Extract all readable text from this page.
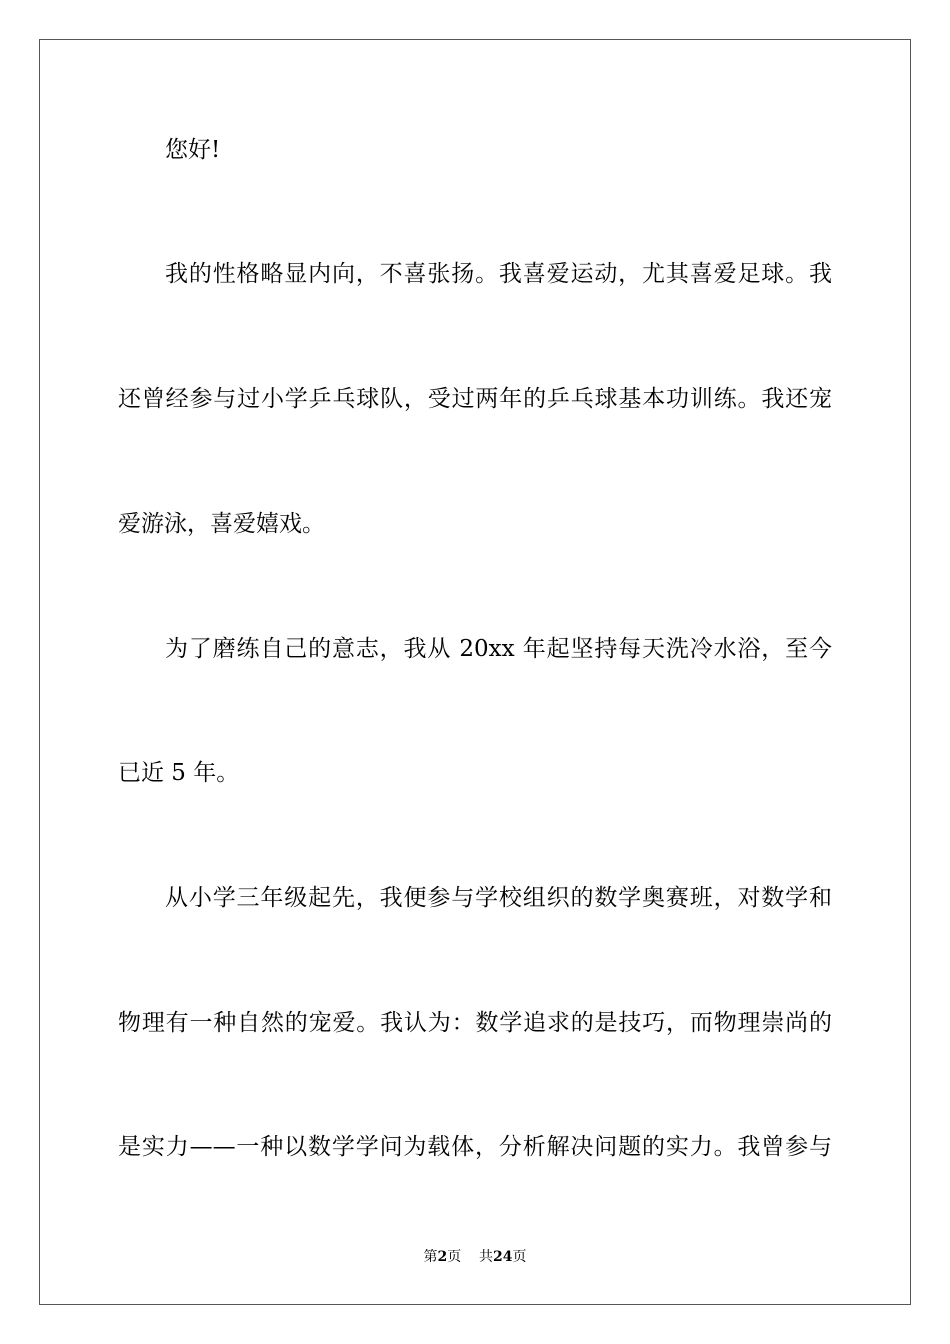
您好!
我的性格略显内向，不喜张扬。我喜爱运动，尤其喜爱足球。我
还曾经参与过小学乒乓球队，受过两年的乒乓球基本功训练。我还宠
爱游泳，喜爱嬉戏。
为了磨练自己的意志，我从 20xx 年起坚持每天洗冷水浴，至今
已近 5 年。
从小学三年级起先，我便参与学校组织的数学奥赛班，对数学和
物理有一种自然的宠爱。我认为：数学追求的是技巧，而物理崇尚的
是实力——一种以数学学问为载体，分析解决问题的实力。我曾参与
第2页 共24页
